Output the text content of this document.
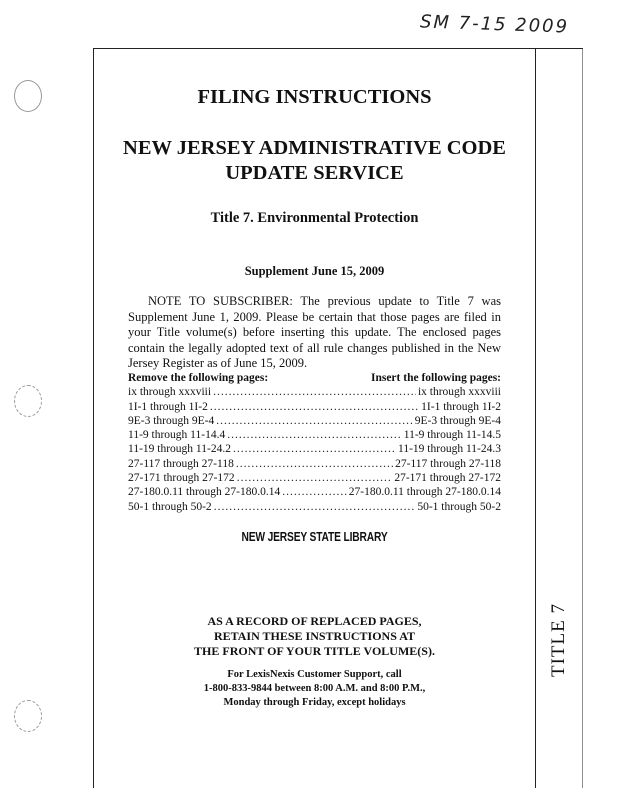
SM 7-15 2009
FILING INSTRUCTIONS
NEW JERSEY ADMINISTRATIVE CODE
UPDATE SERVICE
Title 7. Environmental Protection
Supplement June 15, 2009
NOTE TO SUBSCRIBER: The previous update to Title 7 was Supplement June 1, 2009. Please be certain that those pages are filed in your Title volume(s) before inserting this update. The enclosed pages contain the legally adopted text of all rule changes published in the New Jersey Register as of June 15, 2009.
Remove the following pages:	Insert the following pages:
ix through xxxviii .....	ix through xxxviii
1I-1 through 1I-2 .....	1I-1 through 1I-2
9E-3 through 9E-4 .....	9E-3 through 9E-4
11-9 through 11-14.4 .....	11-9 through 11-14.5
11-19 through 11-24.2 .....	11-19 through 11-24.3
27-117 through 27-118 .....	27-117 through 27-118
27-171 through 27-172 .....	27-171 through 27-172
27-180.0.11 through 27-180.0.14 .....	27-180.0.11 through 27-180.0.14
50-1 through 50-2 .....	50-1 through 50-2
NEW JERSEY STATE LIBRARY
AS A RECORD OF REPLACED PAGES,
RETAIN THESE INSTRUCTIONS AT
THE FRONT OF YOUR TITLE VOLUME(S).
For LexisNexis Customer Support, call
1-800-833-9844 between 8:00 A.M. and 8:00 P.M.,
Monday through Friday, except holidays
TITLE 7
